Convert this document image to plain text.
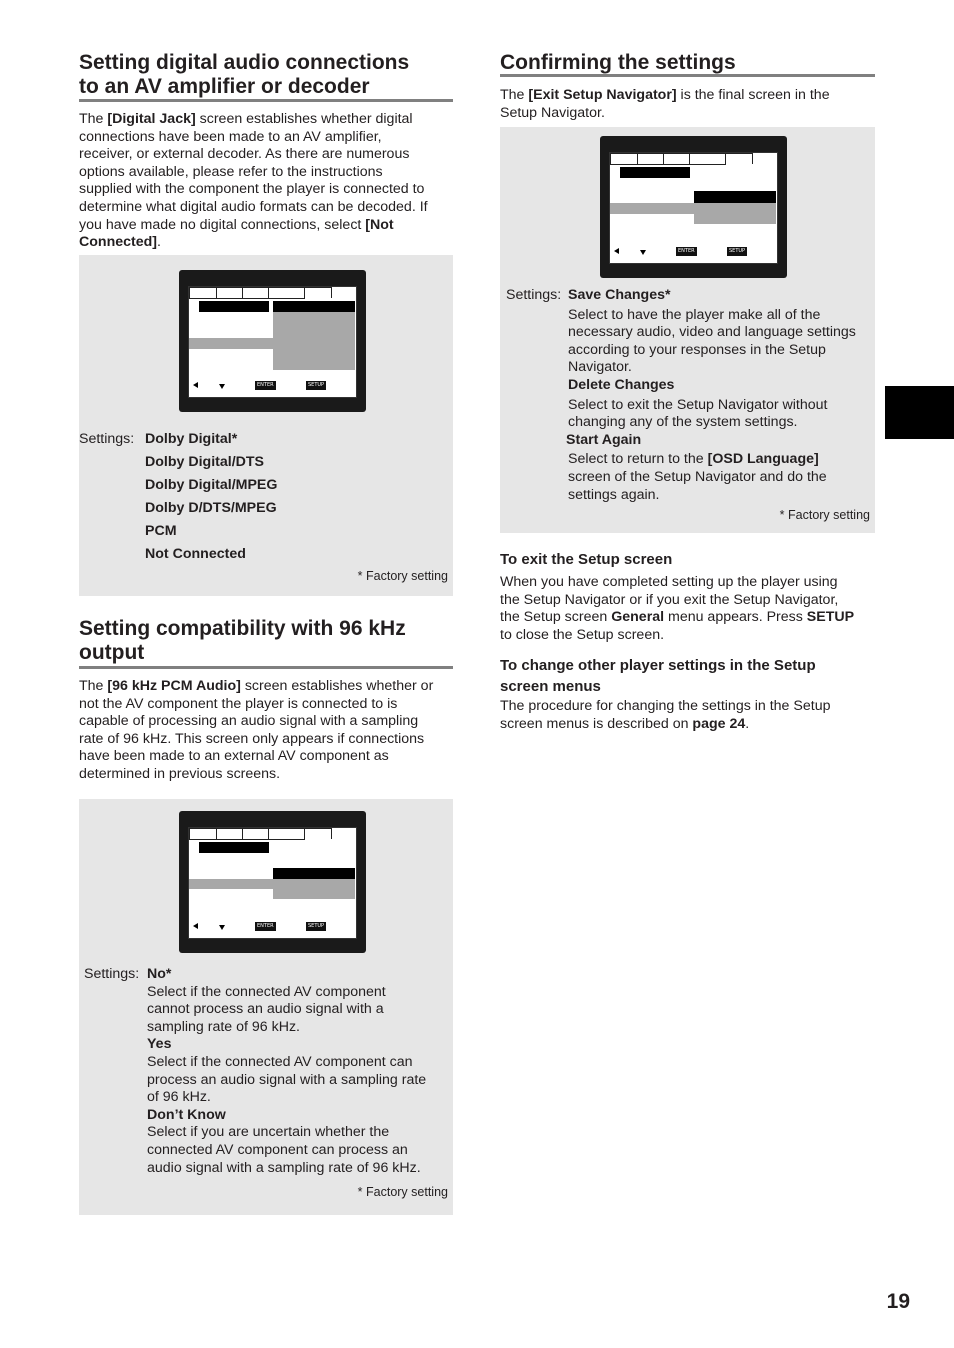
Setting digital audio connections
to an AV amplifier or decoder
The [Digital Jack] screen establishes whether digital
connections have been made to an AV amplifier,
receiver, or external decoder. As there are numerous
options available, please refer to the instructions
supplied with the component the player is connected to
determine what digital audio formats can be decoded. If
you have made no digital connections, select [Not
Connected].
ENTER	SETUP
Settings: Dolby Digital*
Dolby Digital/DTS
Dolby Digital/MPEG
Dolby D/DTS/MPEG
PCM
Not Connected
* Factory setting
Setting compatibility with 96 kHz
output
The [96 kHz PCM Audio] screen establishes whether or
not the AV component the player is connected to is
capable of processing an audio signal with a sampling
rate of 96 kHz. This screen only appears if connections
have been made to an external AV component as
determined in previous screens.
ENTER	SETUP
Settings: No*
Select if the connected AV component
cannot process an audio signal with a
sampling rate of 96 kHz.
Yes
Select if the connected AV component can
process an audio signal with a sampling rate
of 96 kHz.
Don’t Know
Select if you are uncertain whether the
connected AV component can process an
audio signal with a sampling rate of 96 kHz.
* Factory setting
Confirming the settings
The [Exit Setup Navigator] is the final screen in the
Setup Navigator.
ENTER	SETUP
Settings: Save Changes*

Select to have the player make all of the
necessary audio, video and language settings
according to your responses in the Setup
Navigator.
Delete Changes

Select to exit the Setup Navigator without
changing any of the system settings.
Start Again

Select to return to the [OSD Language]
screen of the Setup Navigator and do the
settings again.
* Factory setting
To exit the Setup screen
When you have completed setting up the player using
the Setup Navigator or if you exit the Setup Navigator,
the Setup screen General menu appears. Press SETUP
to close the Setup screen.
To change other player settings in the Setup
screen menus
The procedure for changing the settings in the Setup
screen menus is described on page 24.
19
